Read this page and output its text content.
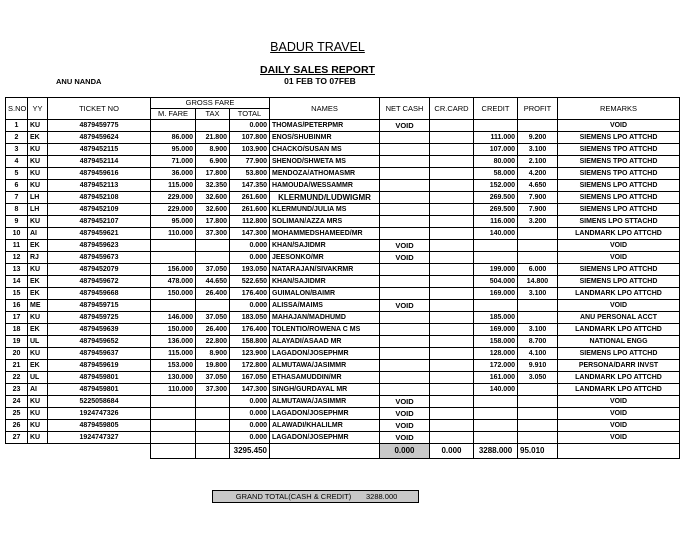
BADUR TRAVEL
DAILY SALES REPORT
01 FEB TO 07FEB
ANU NANDA
S.NO	YY	TICKET NO	GROSS FARE			NAMES	NET CASH	CR.CARD	CREDIT	PROFIT	REMARKS
			M. FARE	TAX	TOTAL						
1	KU	4879459775			0.000	THOMAS/PETERPMR	VOID				VOID
2	EK	4879459624	86.000	21.800	107.800	ENOS/SHUBINMR			111.000	9.200	SIEMENS LPO ATTCHD
3	KU	4879452115	95.000	8.900	103.900	CHACKO/SUSAN MS			107.000	3.100	SIEMENS TPO ATTCHD
4	KU	4879452114	71.000	6.900	77.900	SHENOD/SHWETA MS			80.000	2.100	SIEMENS TPO ATTCHD
5	KU	4879459616	36.000	17.800	53.800	MENDOZA/ATHOMASMR			58.000	4.200	SIEMENS TPO ATTCHD
6	KU	4879452113	115.000	32.350	147.350	HAMOUDA/WESSAMMR			152.000	4.650	SIEMENS LPO ATTCHD
7	LH	4879452108	229.000	32.600	261.600	KLERMUND/LUDWIGMR			269.500	7.900	SIEMENS LPO ATTCHD
8	LH	4879452109	229.000	32.600	261.600	KLERMUND/JULIA MS			269.500	7.900	SIEMENS LPO ATTCHD
9	KU	4879452107	95.000	17.800	112.800	SOLIMAN/AZZA MRS			116.000	3.200	SIMENS LPO STTACHD
10	AI	4879459621	110.000	37.300	147.300	MOHAMMEDSHAMEED/MR			140.000		LANDMARK LPO ATTCHD
11	EK	4879459623			0.000	KHAN/SAJIDMR	VOID				VOID
12	RJ	4879459673			0.000	JEESONKO/MR	VOID				VOID
13	KU	4879452079	156.000	37.050	193.050	NATARAJAN/SIVAKRMR			199.000	6.000	SIEMENS LPO ATTCHD
14	EK	4879459672	478.000	44.650	522.650	KHAN/SAJIDMR			504.000	14.800	SIEMENS LPO ATTCHD
15	EK	4879459668	150.000	26.400	176.400	GUIMALON/BAIMR			169.000	3.100	LANDMARK LPO ATTCHD
16	ME	4879459715			0.000	ALISSA/MAIMS	VOID				VOID
17	KU	4879459725	146.000	37.050	183.050	MAHAJAN/MADHUMD			185.000		ANU PERSONAL ACCT
18	EK	4879459639	150.000	26.400	176.400	TOLENTIO/ROWENA C MS			169.000	3.100	LANDMARK LPO ATTCHD
19	UL	4879459652	136.000	22.800	158.800	ALAYADI/ASAAD MR			158.000	8.700	NATIONAL ENGG
20	KU	4879459637	115.000	8.900	123.900	LAGADON/JOSEPHMR			128.000	4.100	SIEMENS LPO ATTCHD
21	EK	4879459619	153.000	19.800	172.800	ALMUTAWA/JASIMMR			172.000	9.910	PERSONA/DARR INVST
22	UL	4879459801	130.000	37.050	167.050	ETHASAMUDDIN/MR			161.000	3.050	LANDMARK LPO ATTCHD
23	AI	4879459801	110.000	37.300	147.300	SINGH/GURDAYAL MR			140.000		LANDMARK LPO ATTCHD
24	KU	5225058684			0.000	ALMUTAWA/JASIMMR	VOID				VOID
25	KU	1924747326			0.000	LAGADON/JOSEPHMR	VOID				VOID
26	KU	4879459805			0.000	ALAWADI/KHALILMR	VOID				VOID
27	KU	1924747327			0.000	LAGADON/JOSEPHMR	VOID				VOID
					3295.450		0.000	0.000	3288.000	95.010	
GRAND TOTAL(CASH & CREDIT)	3288.000
